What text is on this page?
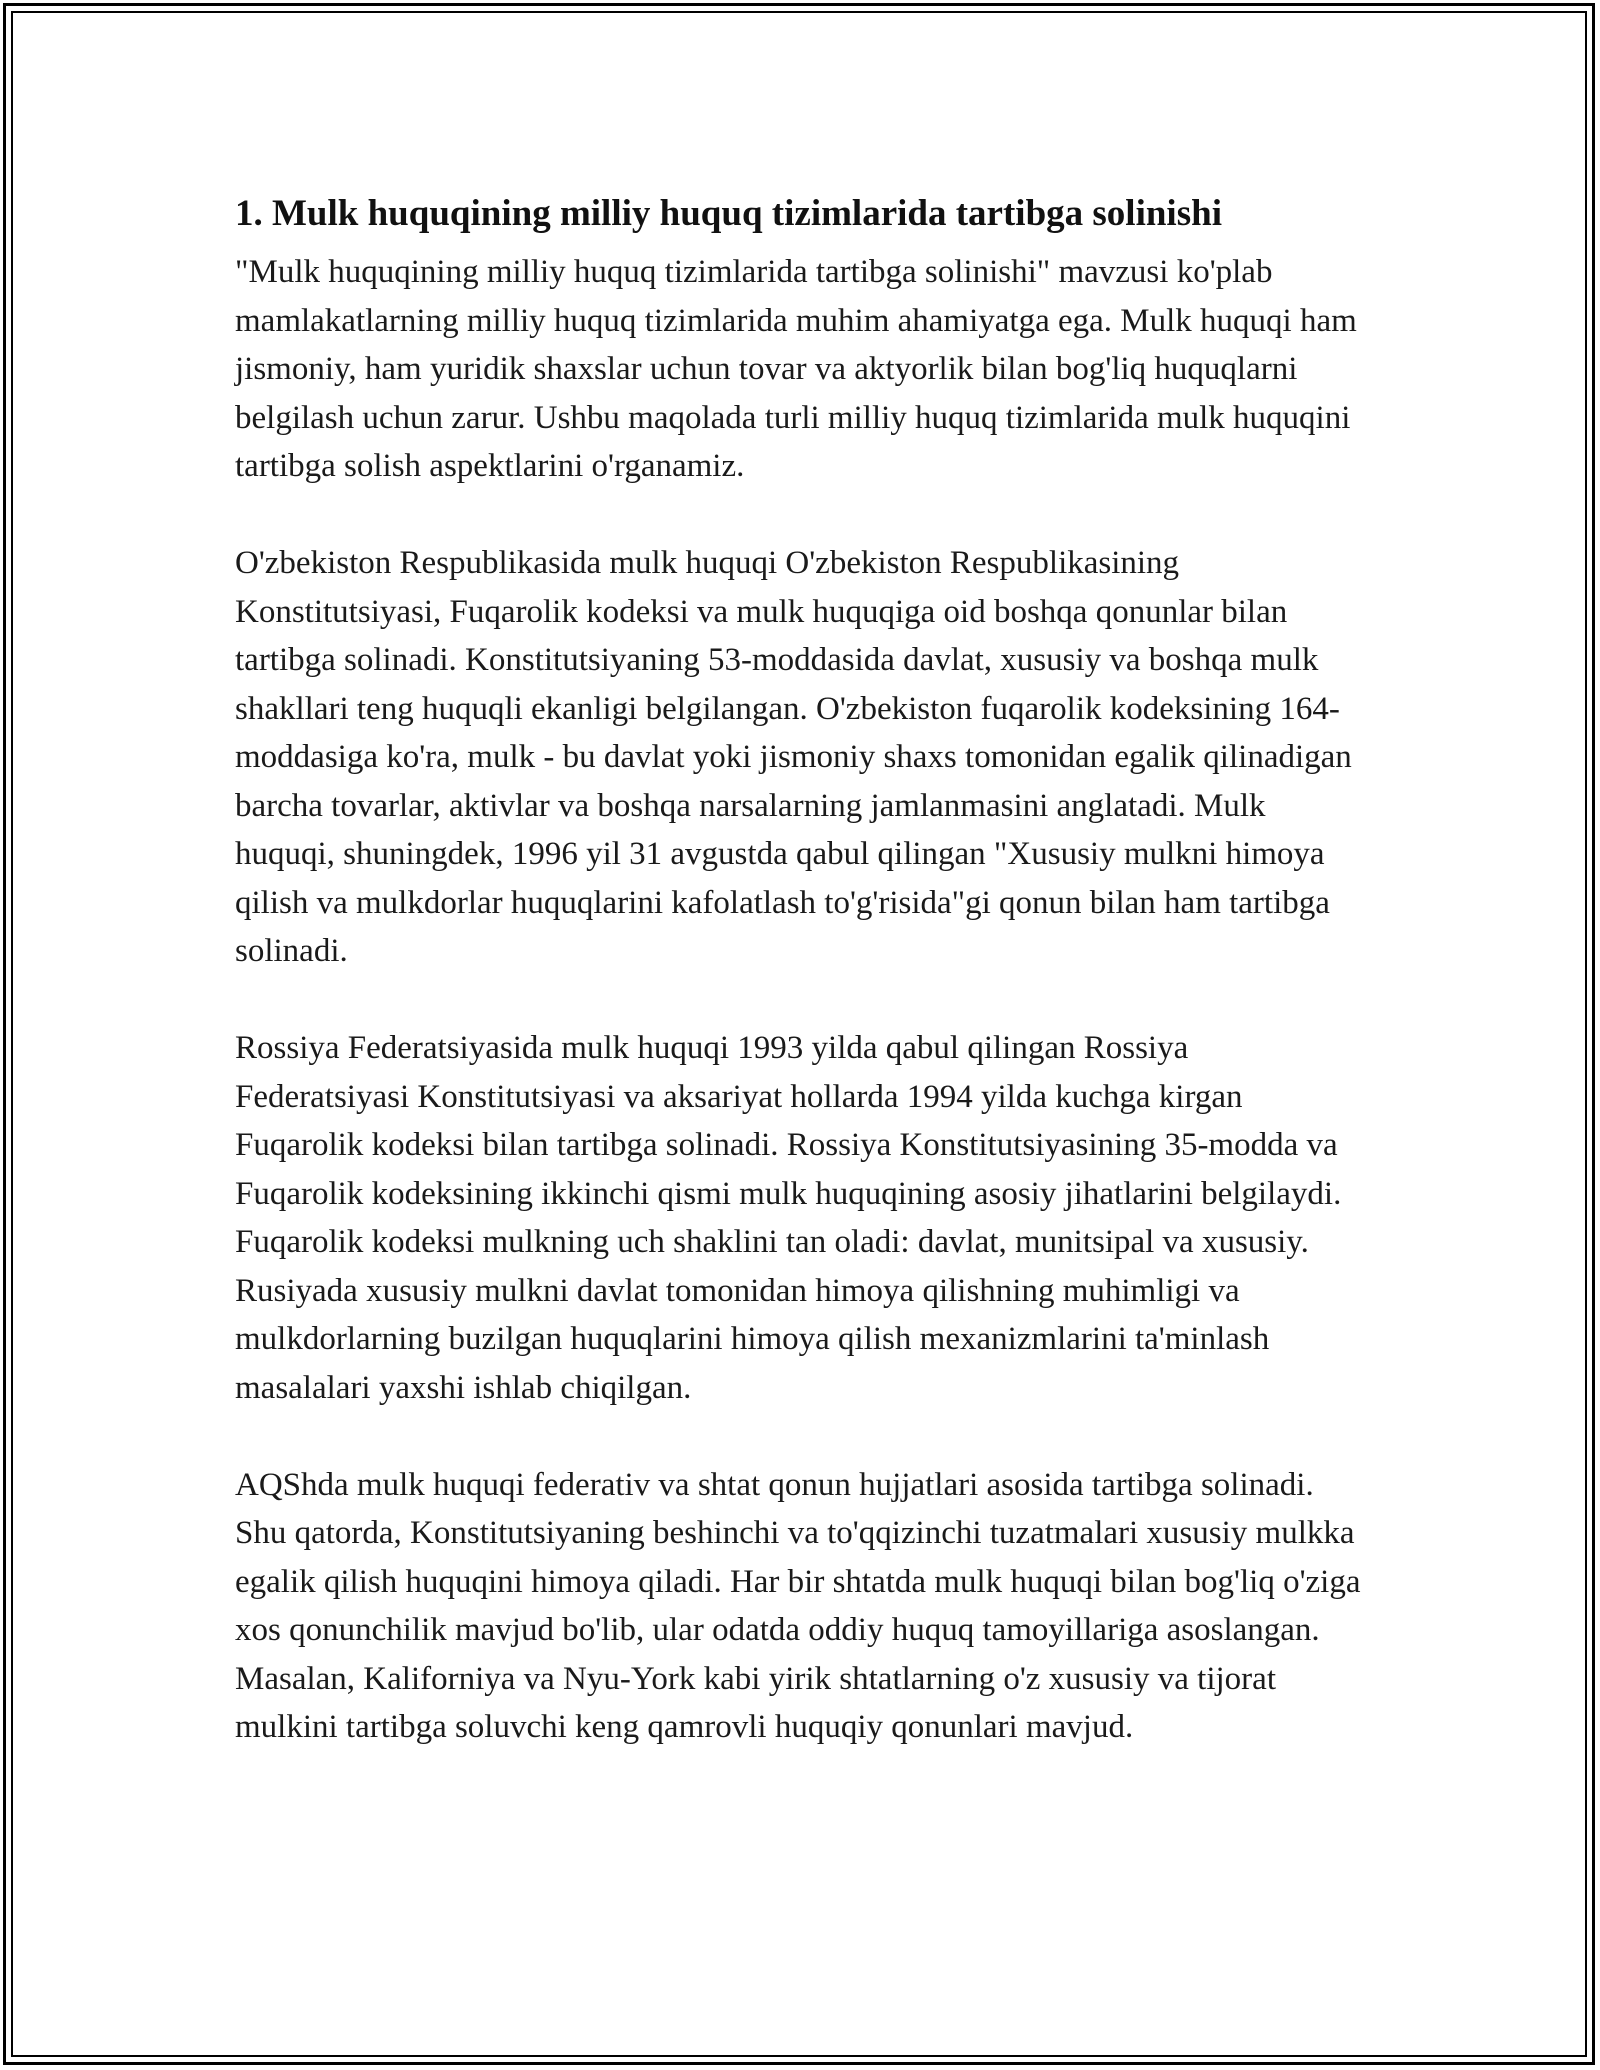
1. Mulk huquqining milliy huquq tizimlarida tartibga solinishi

"Mulk huquqining milliy huquq tizimlarida tartibga solinishi" mavzusi ko'plab mamlakatlarning milliy huquq tizimlarida muhim ahamiyatga ega. Mulk huquqi ham jismoniy, ham yuridik shaxslar uchun tovar va aktyorlik bilan bog'liq huquqlarni belgilash uchun zarur. Ushbu maqolada turli milliy huquq tizimlarida mulk huquqini tartibga solish aspektlarini o'rganamiz.

O'zbekiston Respublikasida mulk huquqi O'zbekiston Respublikasining Konstitutsiyasi, Fuqarolik kodeksi va mulk huquqiga oid boshqa qonunlar bilan tartibga solinadi. Konstitutsiyaning 53-moddasida davlat, xususiy va boshqa mulk shakllari teng huquqli ekanligi belgilangan. O'zbekiston fuqarolik kodeksining 164-moddasiga ko'ra, mulk - bu davlat yoki jismoniy shaxs tomonidan egalik qilinadigan barcha tovarlar, aktivlar va boshqa narsalarning jamlanmasini anglatadi. Mulk huquqi, shuningdek, 1996 yil 31 avgustda qabul qilingan "Xususiy mulkni himoya qilish va mulkdorlar huquqlarini kafolatlash to'g'risida"gi qonun bilan ham tartibga solinadi.

Rossiya Federatsiyasida mulk huquqi 1993 yilda qabul qilingan Rossiya Federatsiyasi Konstitutsiyasi va aksariyat hollarda 1994 yilda kuchga kirgan Fuqarolik kodeksi bilan tartibga solinadi. Rossiya Konstitutsiyasining 35-modda va Fuqarolik kodeksining ikkinchi qismi mulk huquqining asosiy jihatlarini belgilaydi. Fuqarolik kodeksi mulkning uch shaklini tan oladi: davlat, munitsipal va xususiy. Rusiyada xususiy mulkni davlat tomonidan himoya qilishning muhimligi va mulkdorlarning buzilgan huquqlarini himoya qilish mexanizmlarini ta'minlash masalalari yaxshi ishlab chiqilgan.

AQShda mulk huquqi federativ va shtat qonun hujjatlari asosida tartibga solinadi. Shu qatorda, Konstitutsiyaning beshinchi va to'qqizinchi tuzatmalari xususiy mulkka egalik qilish huquqini himoya qiladi. Har bir shtatda mulk huquqi bilan bog'liq o'ziga xos qonunchilik mavjud bo'lib, ular odatda oddiy huquq tamoyillariga asoslangan. Masalan, Kaliforniya va Nyu-York kabi yirik shtatlarning o'z xususiy va tijorat mulkini tartibga soluvchi keng qamrovli huquqiy qonunlari mavjud.
